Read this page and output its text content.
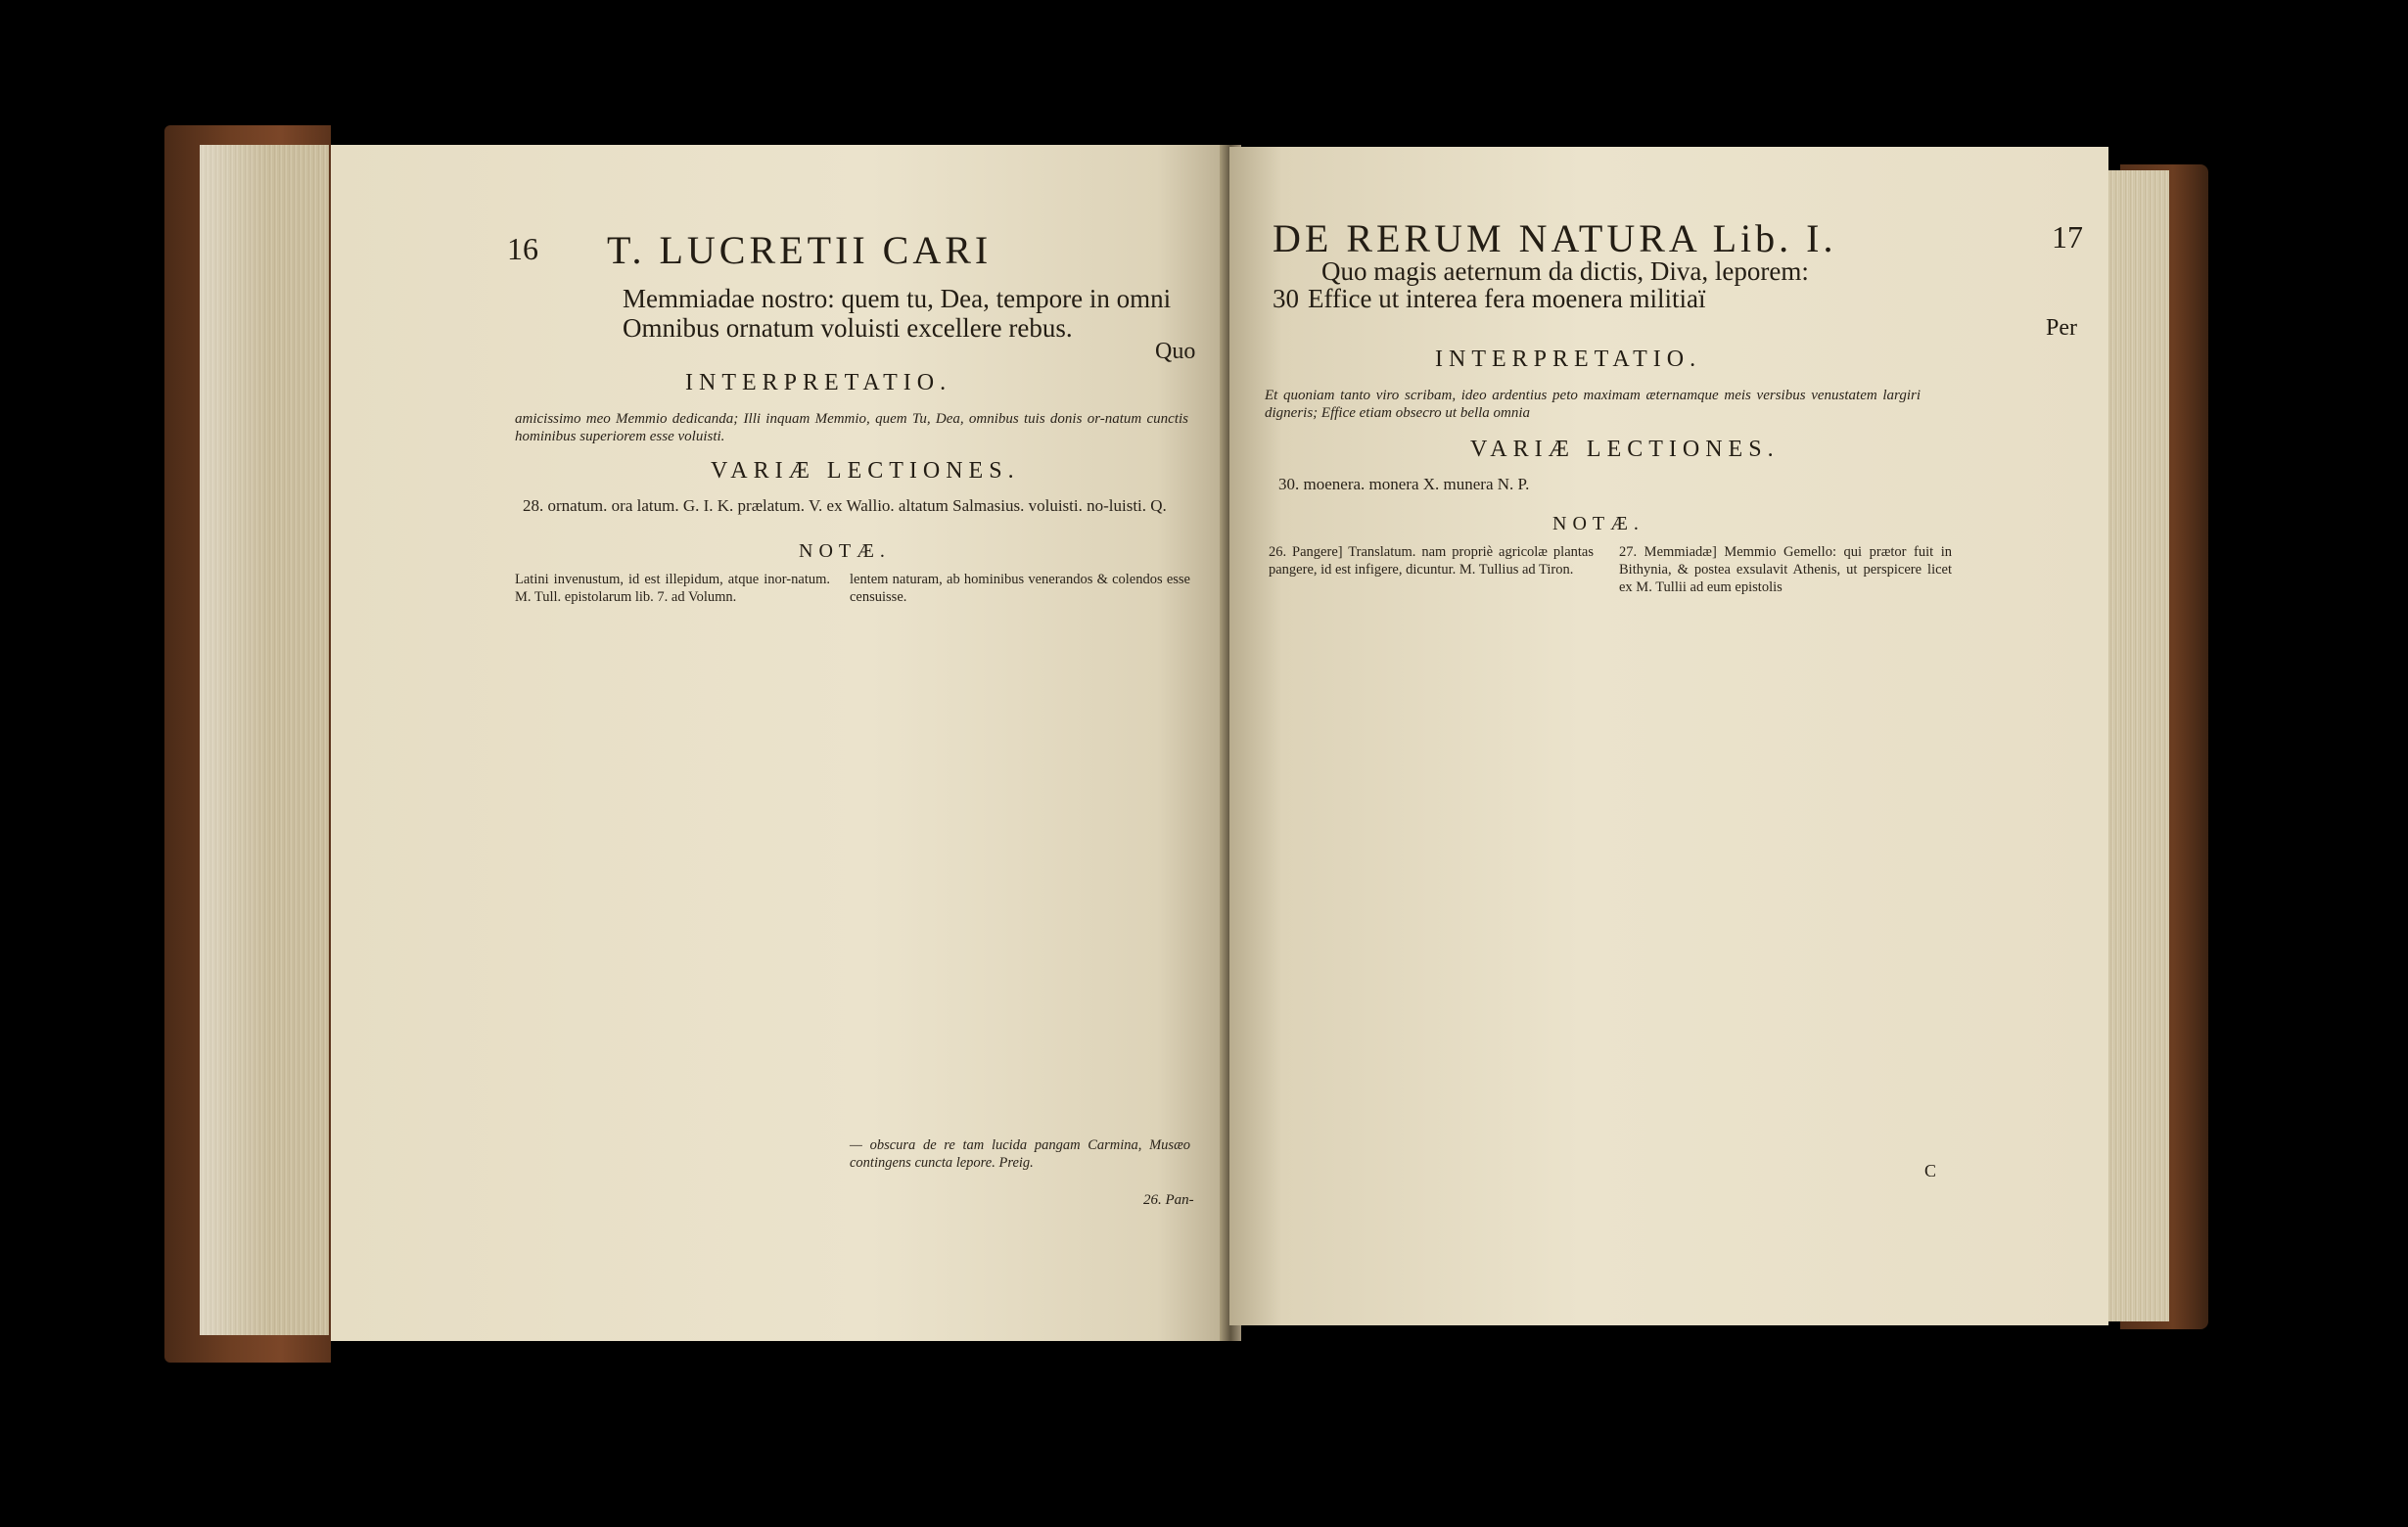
16 T. LUCRETII CARI

Memmiadae nostro: quem tu, Dea, tempore in omni

Omnibus ornatum voluisti excellere rebus.

Quo

INTERPRETATIO.

amicissimo meo Memmio dedicanda; Illi inquam Memmio, quem Tu, Dea, omnibus tuis donis or-natum cunctis hominibus superiorem esse voluisti.

VARIÆ LECTIONES.

28. ornatum. ora latum. G. I. K. prælatum. V. ex Wallio. altatum Salmasius. voluisti. no-luisti. Q.

NOTÆ.

Latini invenustum, id est illepidum, atque inor-natum. M. Tull. epistolarum lib. 7. ad Volumn.

lentem naturam, ab hominibus venerandos & colendos esse censuisse.

— obscura de re tam lucida pangam Carmina, Musæo contingens cuncta lepore. Preig.

26. Pan-

DE RERUM NATURA Lib. I.	17

Quo magis aeternum da dictis, Diva, leporem:

30 Effice ut interea fera moenera militiaï

Per

INTERPRETATIO.

Et quoniam tanto viro scribam, ideo ardentius peto maximam æternamque meis versibus venustatem largiri digneris; Effice etiam obsecro ut bella omnia

VARIÆ LECTIONES.

30. moenera. monera X. munera N. P.

NOTÆ.

26. Pangere] Translatum. nam propriè agricolæ plantas pangere, id est infigere, dicuntur. M. Tullius ad Tiron.

27. Memmiadæ] Memmio Gemello: qui prætor fuit in Bithynia, & postea exsulavit Athenis, ut perspicere licet ex M. Tullii ad eum epistolis

C
